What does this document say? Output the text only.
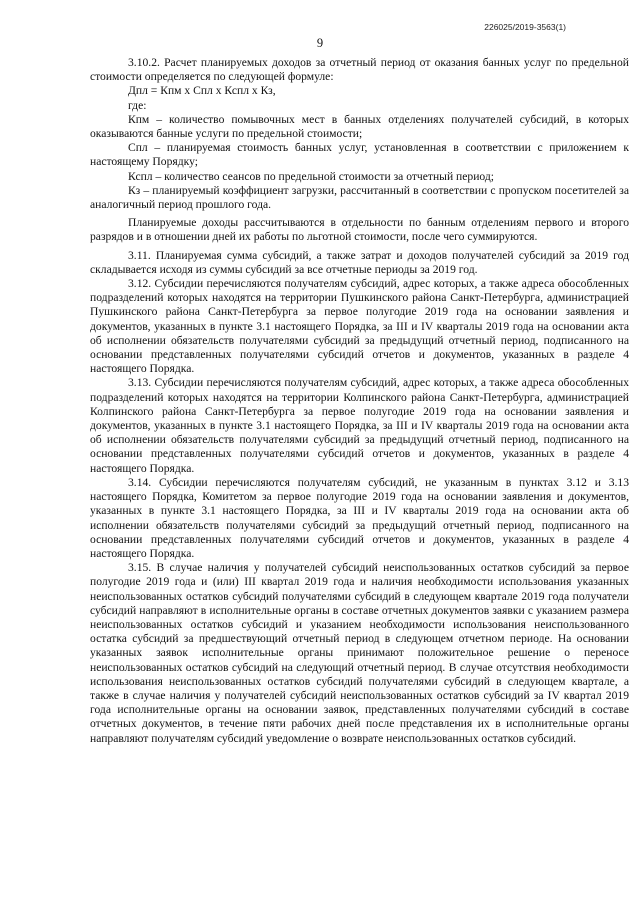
226025/2019-3563(1)
9

3.10.2. Расчет планируемых доходов за отчетный период от оказания банных услуг по предельной стоимости определяется по следующей формуле:

Дпл = Кпм х Спл х Кспл х Кз,

где:

Кпм – количество помывочных мест в банных отделениях получателей субсидий, в которых оказываются банные услуги по предельной стоимости;

Спл – планируемая стоимость банных услуг, установленная в соответствии с приложением к настоящему Порядку;

Кспл – количество сеансов по предельной стоимости за отчетный период;

Кз – планируемый коэффициент загрузки, рассчитанный в соответствии с пропуском посетителей за аналогичный период прошлого года.

Планируемые доходы рассчитываются в отдельности по банным отделениям первого и второго разрядов и в отношении дней их работы по льготной стоимости, после чего суммируются.

3.11. Планируемая сумма субсидий, а также затрат и доходов получателей субсидий за 2019 год складывается исходя из суммы субсидий за все отчетные периоды за 2019 год.

3.12. Субсидии перечисляются получателям субсидий, адрес которых, а также адреса обособленных подразделений которых находятся на территории Пушкинского района Санкт-Петербурга, администрацией Пушкинского района Санкт-Петербурга за первое полугодие 2019 года на основании заявления и документов, указанных в пункте 3.1 настоящего Порядка, за III и IV кварталы 2019 года на основании акта об исполнении обязательств получателями субсидий за предыдущий отчетный период, подписанного на основании представленных получателями субсидий отчетов и документов, указанных в разделе 4 настоящего Порядка.

3.13. Субсидии перечисляются получателям субсидий, адрес которых, а также адреса обособленных подразделений которых находятся на территории Колпинского района Санкт-Петербурга, администрацией Колпинского района Санкт-Петербурга за первое полугодие 2019 года на основании заявления и документов, указанных в пункте 3.1 настоящего Порядка, за III и IV кварталы 2019 года на основании акта об исполнении обязательств получателями субсидий за предыдущий отчетный период, подписанного на основании представленных получателями субсидий отчетов и документов, указанных в разделе 4 настоящего Порядка.

3.14. Субсидии перечисляются получателям субсидий, не указанным в пунктах 3.12 и 3.13 настоящего Порядка, Комитетом за первое полугодие 2019 года на основании заявления и документов, указанных в пункте 3.1 настоящего Порядка, за III и IV кварталы 2019 года на основании акта об исполнении обязательств получателями субсидий за предыдущий отчетный период, подписанного на основании представленных получателями субсидий отчетов и документов, указанных в разделе 4 настоящего Порядка.

3.15. В случае наличия у получателей субсидий неиспользованных остатков субсидий за первое полугодие 2019 года и (или) III квартал 2019 года и наличия необходимости использования указанных неиспользованных остатков субсидий получателями субсидий в следующем квартале 2019 года получатели субсидий направляют в исполнительные органы в составе отчетных документов заявки с указанием размера неиспользованных остатков субсидий и указанием необходимости использования неиспользованного остатка субсидий за предшествующий отчетный период в следующем отчетном периоде. На основании указанных заявок исполнительные органы принимают положительное решение о переносе неиспользованных остатков субсидий на следующий отчетный период. В случае отсутствия необходимости использования неиспользованных остатков субсидий получателями субсидий в следующем квартале, а также в случае наличия у получателей субсидий неиспользованных остатков субсидий за IV квартал 2019 года исполнительные органы на основании заявок, представленных получателями субсидий в составе отчетных документов, в течение пяти рабочих дней после представления их в исполнительные органы направляют получателям субсидий уведомление о возврате неиспользованных остатков субсидий.
